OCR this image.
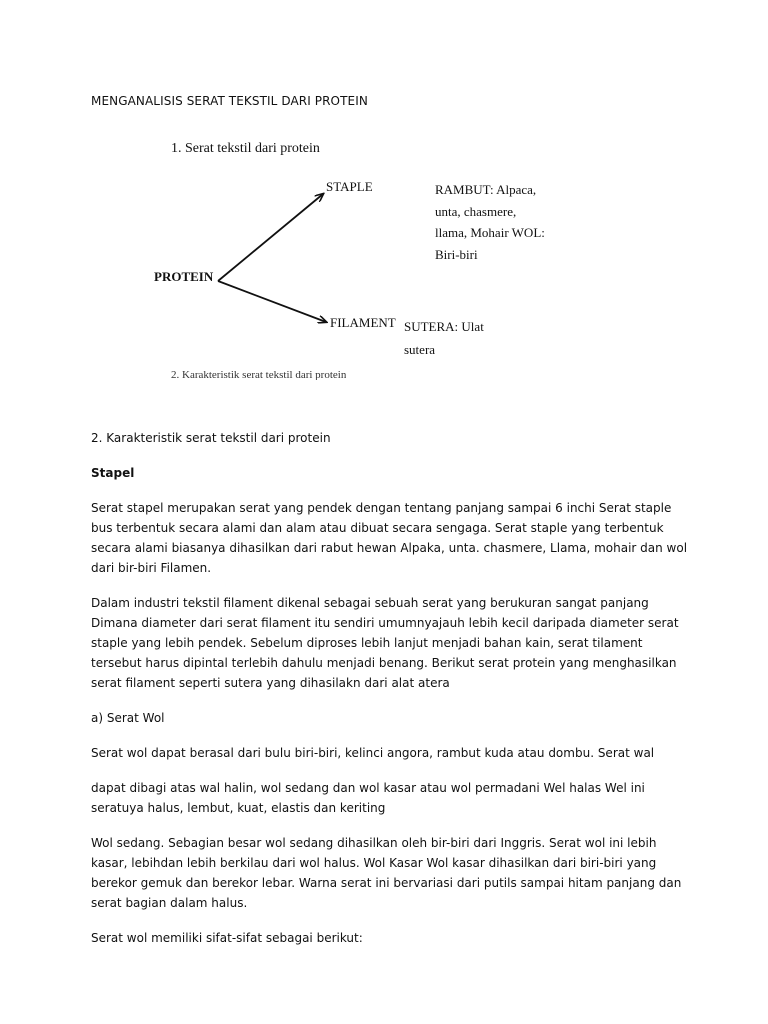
MENGANALISIS SERAT TEKSTIL DARI PROTEIN
1. Serat tekstil dari protein
PROTEIN
STAPLE
FILAMENT
RAMBUT: Alpaca, unta, chasmere, llama, Mohair WOL: Biri-biri
SUTERA: Ulat sutera
2. Karakteristik serat tekstil dari protein

2. Karakteristik serat tekstil dari protein

Stapel

Serat stapel merupakan serat yang pendek dengan tentang panjang sampai 6 inchi Serat staple bus terbentuk secara alami dan alam atau dibuat secara sengaga. Serat staple yang terbentuk secara alami biasanya dihasilkan dari rabut hewan Alpaka, unta. chasmere, Llama, mohair dan wol dari bir-biri Filamen.

Dalam industri tekstil filament dikenal sebagai sebuah serat yang berukuran sangat panjang Dimana diameter dari serat filament itu sendiri umumnyajauh lebih kecil daripada diameter serat staple yang lebih pendek. Sebelum diproses lebih lanjut menjadi bahan kain, serat tilament tersebut harus dipintal terlebih dahulu menjadi benang. Berikut serat protein yang menghasilkan serat filament seperti sutera yang dihasilakn dari alat atera

a) Serat Wol

Serat wol dapat berasal dari bulu biri-biri, kelinci angora, rambut kuda atau dombu. Serat wal

dapat dibagi atas wal halin, wol sedang dan wol kasar atau wol permadani Wel halas Wel ini seratuya halus, lembut, kuat, elastis dan keriting

Wol sedang. Sebagian besar wol sedang dihasilkan oleh bir-biri dari Inggris. Serat wol ini lebih kasar, lebihdan lebih berkilau dari wol halus. Wol Kasar Wol kasar dihasilkan dari biri-biri yang berekor gemuk dan berekor lebar. Warna serat ini bervariasi dari putils sampai hitam panjang dan serat bagian dalam halus.

Serat wol memiliki sifat-sifat sebagai berikut:
